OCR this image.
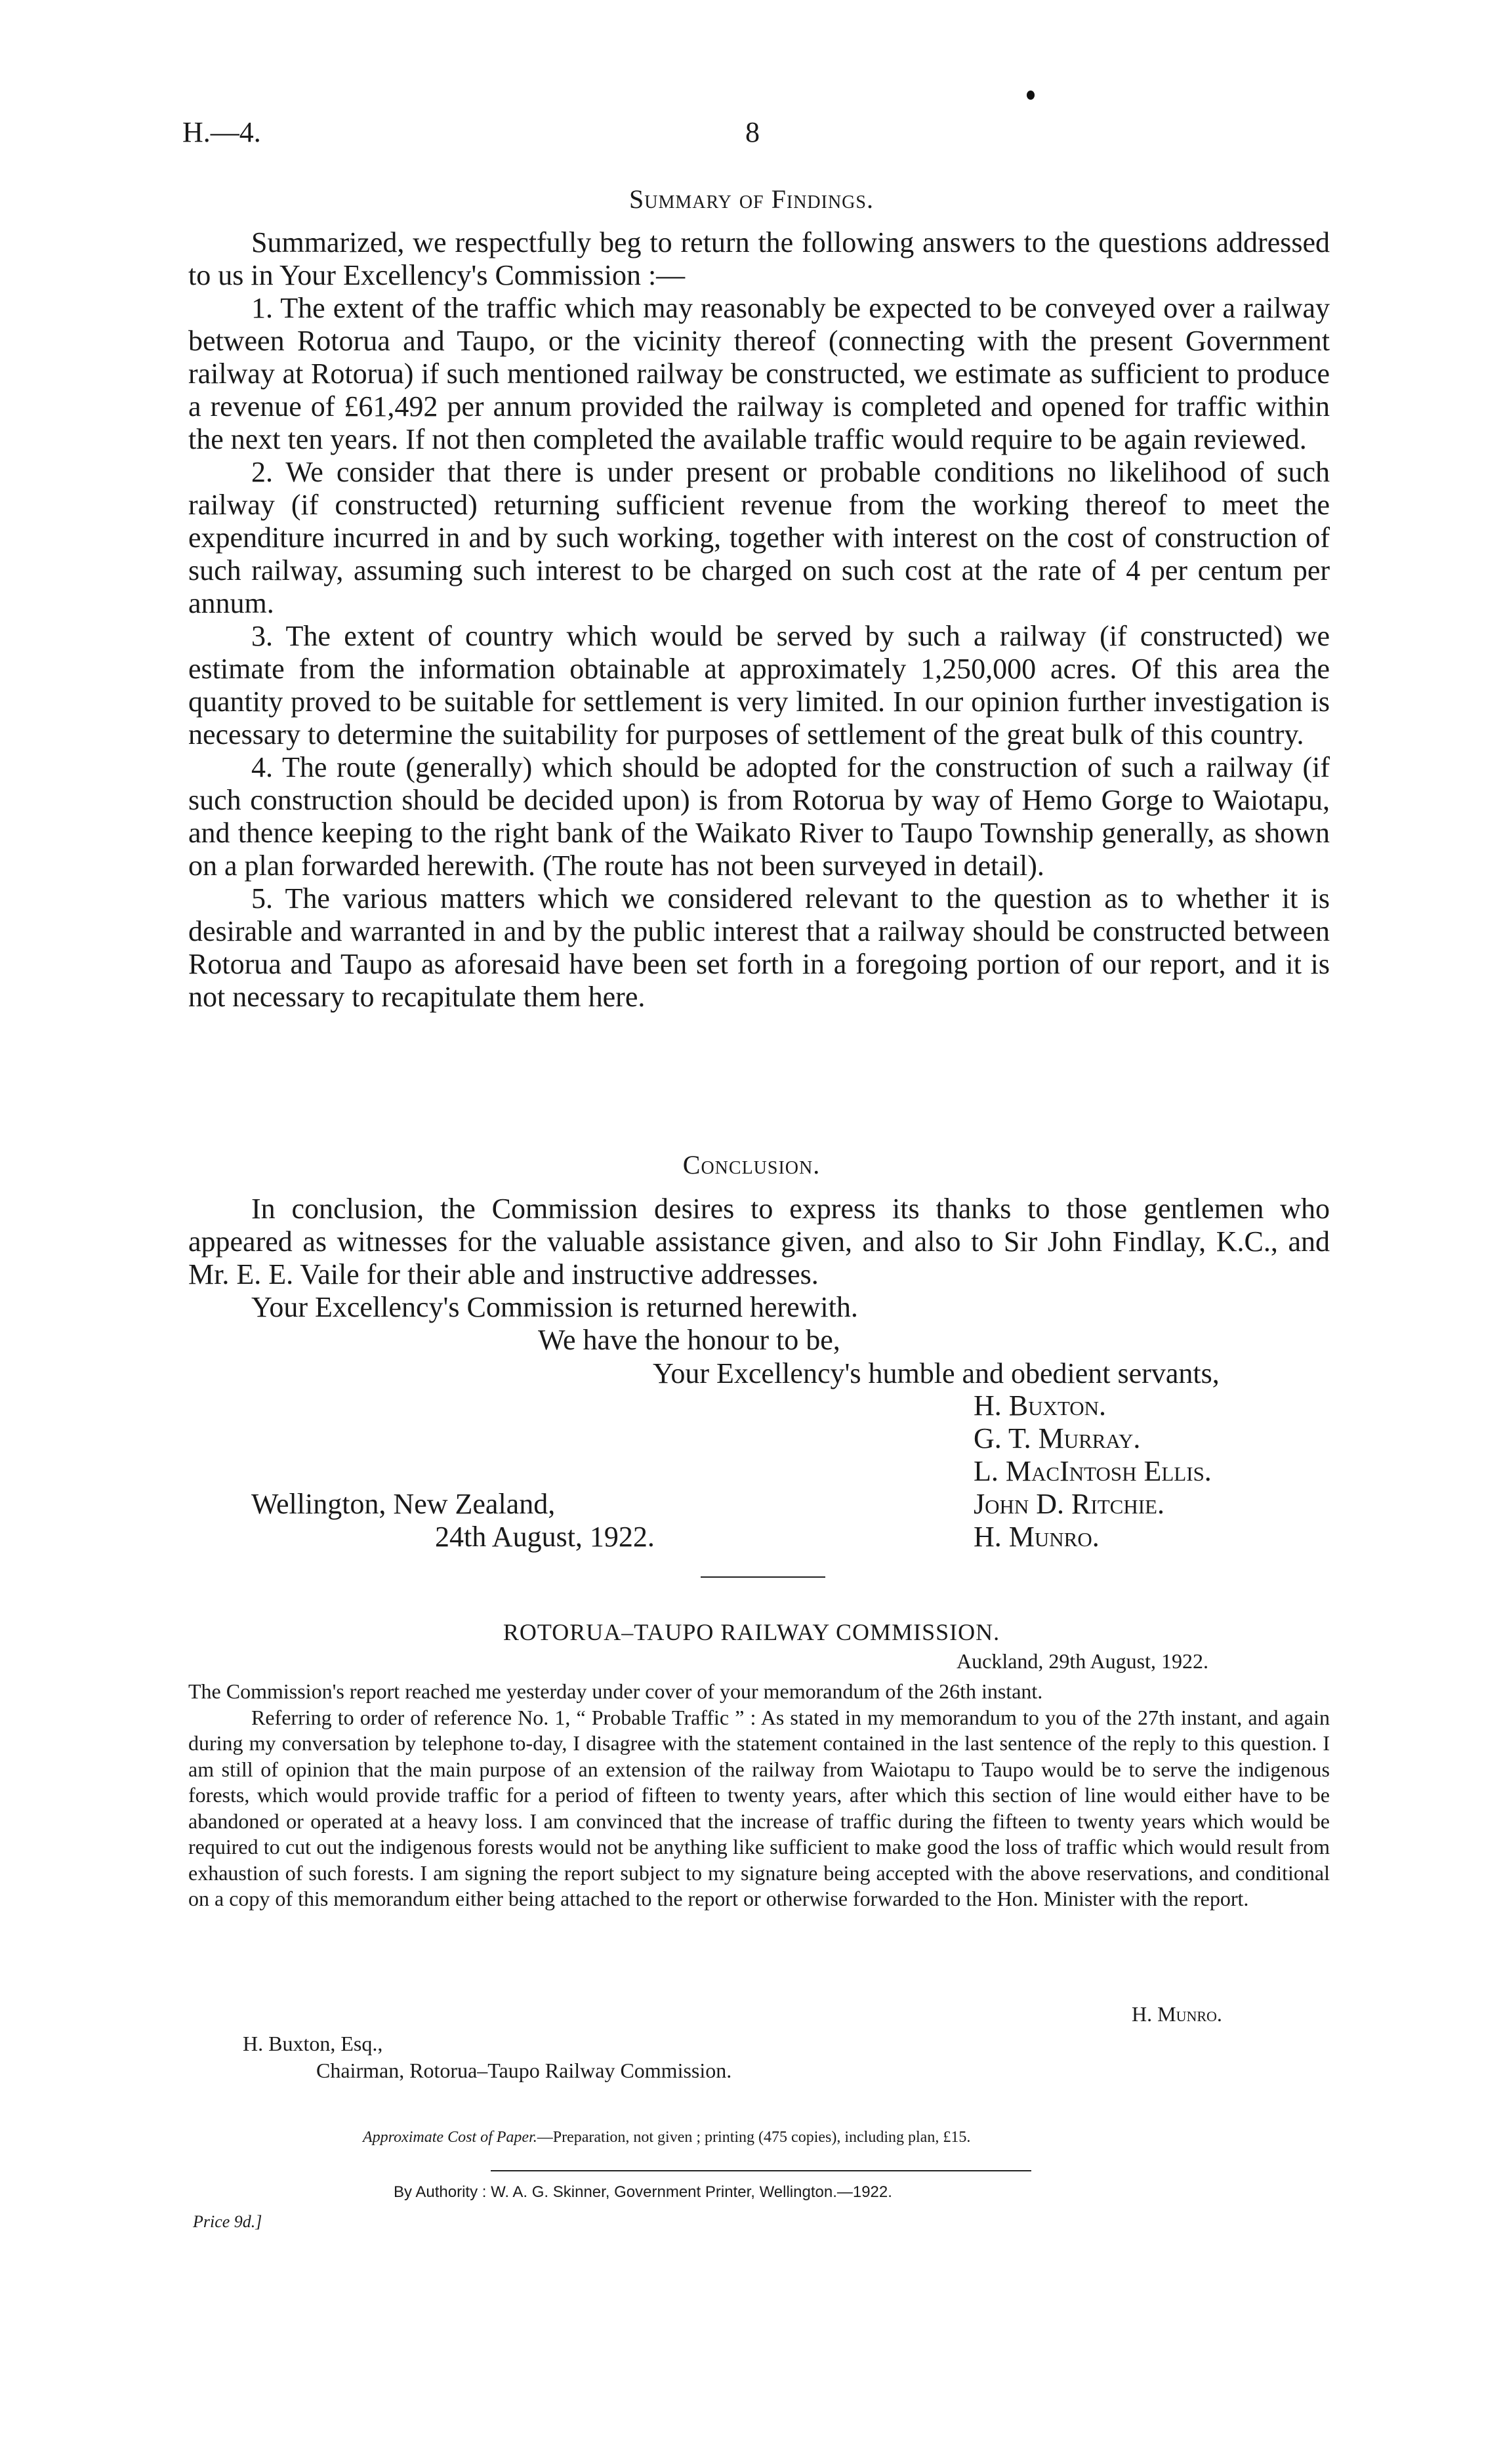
H.—4.	8
Summary of Findings.

Summarized, we respectfully beg to return the following answers to the questions addressed to us in Your Excellency's Commission :—

1. The extent of the traffic which may reasonably be expected to be conveyed over a railway between Rotorua and Taupo, or the vicinity thereof (connecting with the present Government railway at Rotorua) if such mentioned railway be constructed, we estimate as sufficient to produce a revenue of £61,492 per annum provided the railway is completed and opened for traffic within the next ten years. If not then completed the available traffic would require to be again reviewed.

2. We consider that there is under present or probable conditions no likelihood of such railway (if constructed) returning sufficient revenue from the working thereof to meet the expenditure incurred in and by such working, together with interest on the cost of construction of such railway, assuming such interest to be charged on such cost at the rate of 4 per centum per annum.

3. The extent of country which would be served by such a railway (if constructed) we estimate from the information obtainable at approximately 1,250,000 acres. Of this area the quantity proved to be suitable for settlement is very limited. In our opinion further investigation is necessary to determine the suitability for purposes of settlement of the great bulk of this country.

4. The route (generally) which should be adopted for the construction of such a railway (if such construction should be decided upon) is from Rotorua by way of Hemo Gorge to Waiotapu, and thence keeping to the right bank of the Waikato River to Taupo Township generally, as shown on a plan forwarded herewith. (The route has not been surveyed in detail).

5. The various matters which we considered relevant to the question as to whether it is desirable and warranted in and by the public interest that a railway should be constructed between Rotorua and Taupo as aforesaid have been set forth in a foregoing portion of our report, and it is not necessary to recapitulate them here.

Conclusion.

In conclusion, the Commission desires to express its thanks to those gentlemen who appeared as witnesses for the valuable assistance given, and also to Sir John Findlay, K.C., and Mr. E. E. Vaile for their able and instructive addresses.

Your Excellency's Commission is returned herewith.

We have the honour to be,
Your Excellency's humble and obedient servants,
H. Buxton.
G. T. Murray.
L. MacIntosh Ellis.
John D. Ritchie.
H. Munro.
Wellington, New Zealand,
24th August, 1922.
ROTORUA–TAUPO RAILWAY COMMISSION.
Auckland, 29th August, 1922.

The Commission's report reached me yesterday under cover of your memorandum of the 26th instant.

Referring to order of reference No. 1, “ Probable Traffic ” : As stated in my memorandum to you of the 27th instant, and again during my conversation by telephone to-day, I disagree with the statement contained in the last sentence of the reply to this question. I am still of opinion that the main purpose of an extension of the railway from Waiotapu to Taupo would be to serve the indigenous forests, which would provide traffic for a period of fifteen to twenty years, after which this section of line would either have to be abandoned or operated at a heavy loss. I am convinced that the increase of traffic during the fifteen to twenty years which would be required to cut out the indigenous forests would not be anything like sufficient to make good the loss of traffic which would result from exhaustion of such forests. I am signing the report subject to my signature being accepted with the above reservations, and conditional on a copy of this memorandum either being attached to the report or otherwise forwarded to the Hon. Minister with the report.

H. Munro.
H. Buxton, Esq.,
Chairman, Rotorua–Taupo Railway Commission.
Approximate Cost of Paper.—Preparation, not given ; printing (475 copies), including plan, £15.
By Authority : W. A. G. Skinner, Government Printer, Wellington.—1922.
Price 9d.]
